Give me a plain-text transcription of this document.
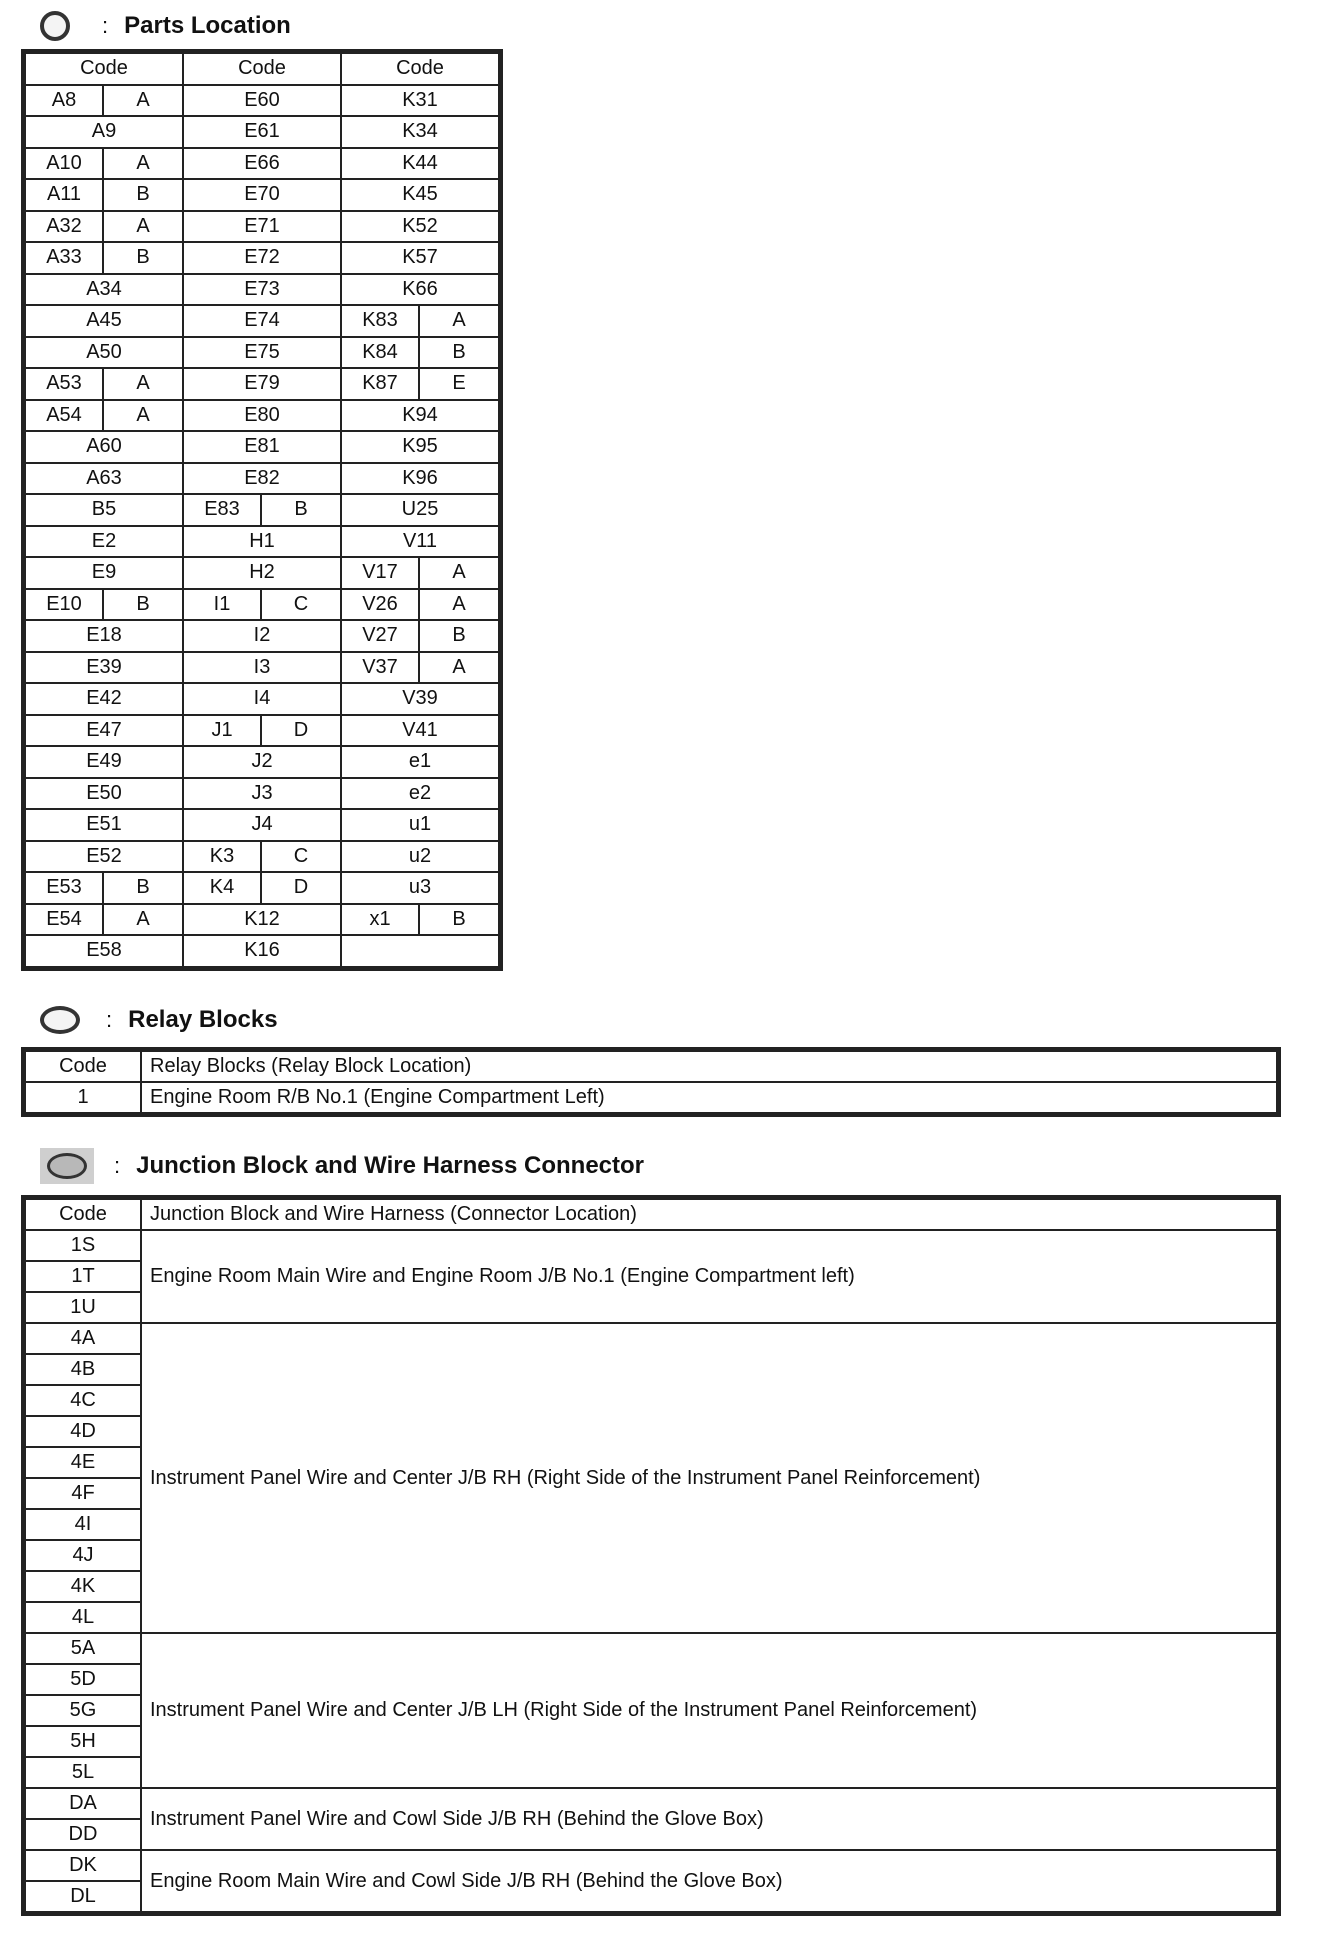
: Parts Location
Code		Code		Code	
A8	A	E60		K31	
A9		E61		K34	
A10	A	E66		K44	
A11	B	E70		K45	
A32	A	E71		K52	
A33	B	E72		K57	
A34		E73		K66	
A45		E74		K83	A
A50		E75		K84	B
A53	A	E79		K87	E
A54	A	E80		K94	
A60		E81		K95	
A63		E82		K96	
B5		E83	B	U25	
E2		H1		V11	
E9		H2		V17	A
E10	B	I1	C	V26	A
E18		I2		V27	B
E39		I3		V37	A
E42		I4		V39	
E47		J1	D	V41	
E49		J2		e1	
E50		J3		e2	
E51		J4		u1	
E52		K3	C	u2	
E53	B	K4	D	u3	
E54	A	K12		x1	B
E58		K16			
: Relay Blocks
Code	Relay Blocks (Relay Block Location)
1	Engine Room R/B No.1 (Engine Compartment Left)
: Junction Block and Wire Harness Connector
Code	Junction Block and Wire Harness (Connector Location)
1S	Engine Room Main Wire and Engine Room J/B No.1 (Engine Compartment left)
1T	
1U	
4A	Instrument Panel Wire and Center J/B RH (Right Side of the Instrument Panel Reinforcement)
4B	
4C	
4D	
4E	
4F	
4I	
4J	
4K	
4L	
5A	Instrument Panel Wire and Center J/B LH (Right Side of the Instrument Panel Reinforcement)
5D	
5G	
5H	
5L	
DA	Instrument Panel Wire and Cowl Side J/B RH (Behind the Glove Box)
DD	
DK	Engine Room Main Wire and Cowl Side J/B RH (Behind the Glove Box)
DL	
